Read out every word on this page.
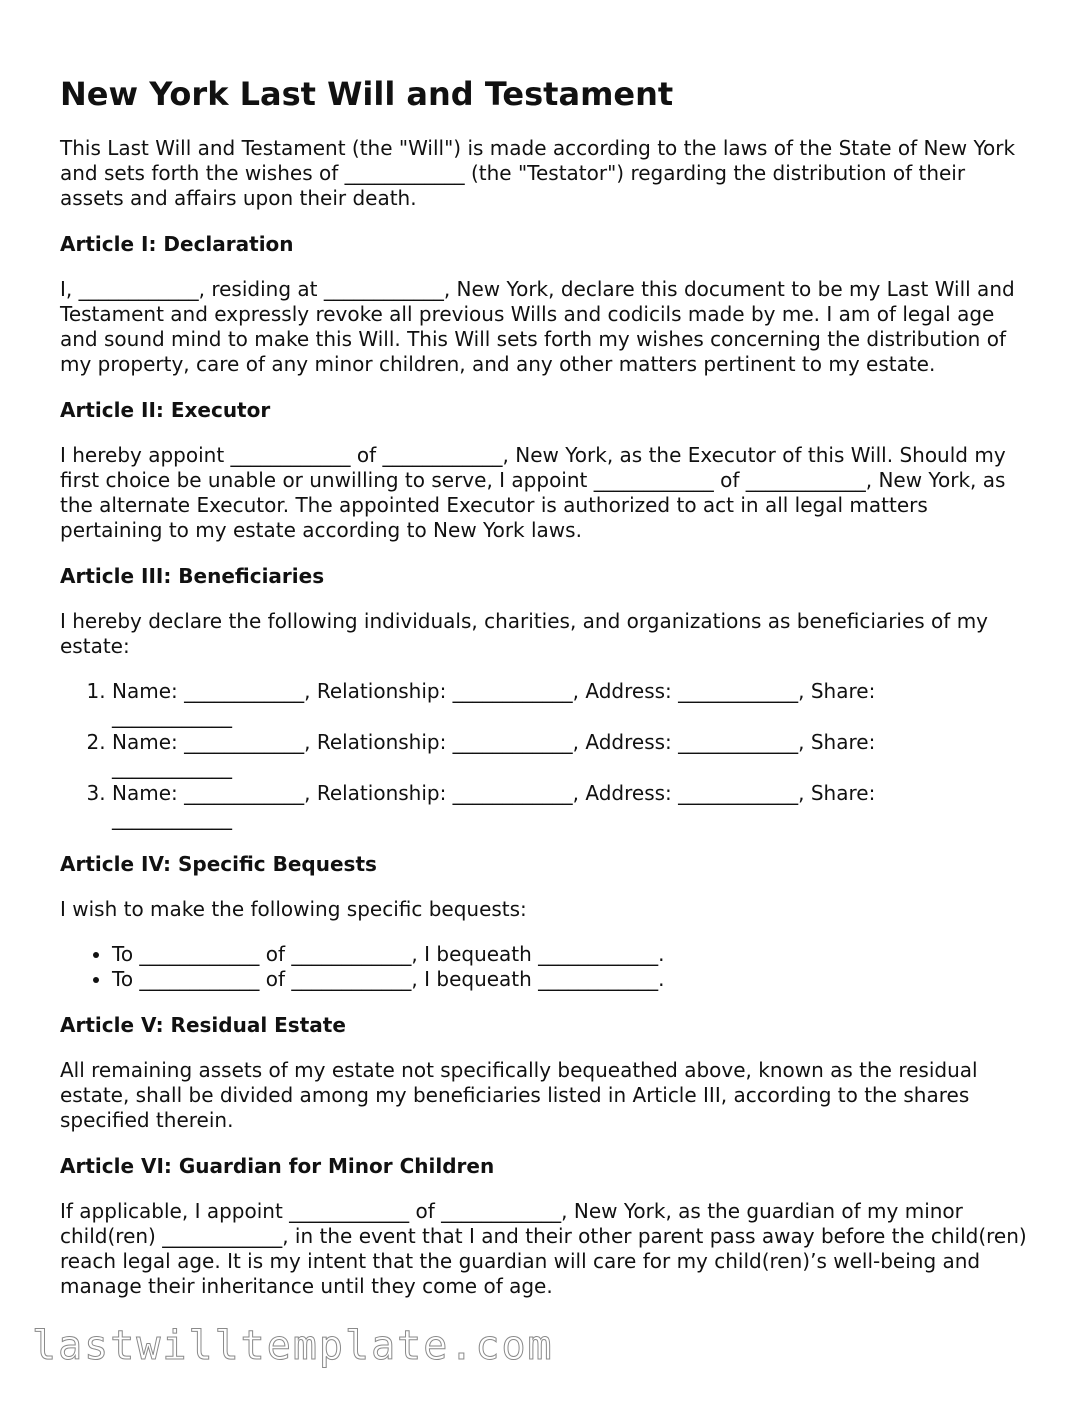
New York Last Will and Testament

This Last Will and Testament (the "Will") is made according to the laws of the State of New York and sets forth the wishes of ____________ (the "Testator") regarding the distribution of their assets and affairs upon their death.

Article I: Declaration

I, ____________, residing at ____________, New York, declare this document to be my Last Will and Testament and expressly revoke all previous Wills and codicils made by me. I am of legal age and sound mind to make this Will. This Will sets forth my wishes concerning the distribution of my property, care of any minor children, and any other matters pertinent to my estate.

Article II: Executor

I hereby appoint ____________ of ____________, New York, as the Executor of this Will. Should my first choice be unable or unwilling to serve, I appoint ____________ of ____________, New York, as the alternate Executor. The appointed Executor is authorized to act in all legal matters pertaining to my estate according to New York laws.

Article III: Beneficiaries

I hereby declare the following individuals, charities, and organizations as beneficiaries of my estate:

1. Name: ____________, Relationship: ____________, Address: ____________, Share: ____________
2. Name: ____________, Relationship: ____________, Address: ____________, Share: ____________
3. Name: ____________, Relationship: ____________, Address: ____________, Share: ____________
Article IV: Specific Bequests

I wish to make the following specific bequests:

• To ____________ of ____________, I bequeath ____________.
• To ____________ of ____________, I bequeath ____________.
Article V: Residual Estate

All remaining assets of my estate not specifically bequeathed above, known as the residual estate, shall be divided among my beneficiaries listed in Article III, according to the shares specified therein.

Article VI: Guardian for Minor Children

If applicable, I appoint ____________ of ____________, New York, as the guardian of my minor child(ren) ____________, in the event that I and their other parent pass away before the child(ren) reach legal age. It is my intent that the guardian will care for my child(ren)’s well-being and manage their inheritance until they come of age.

lastwilltemplate.com
